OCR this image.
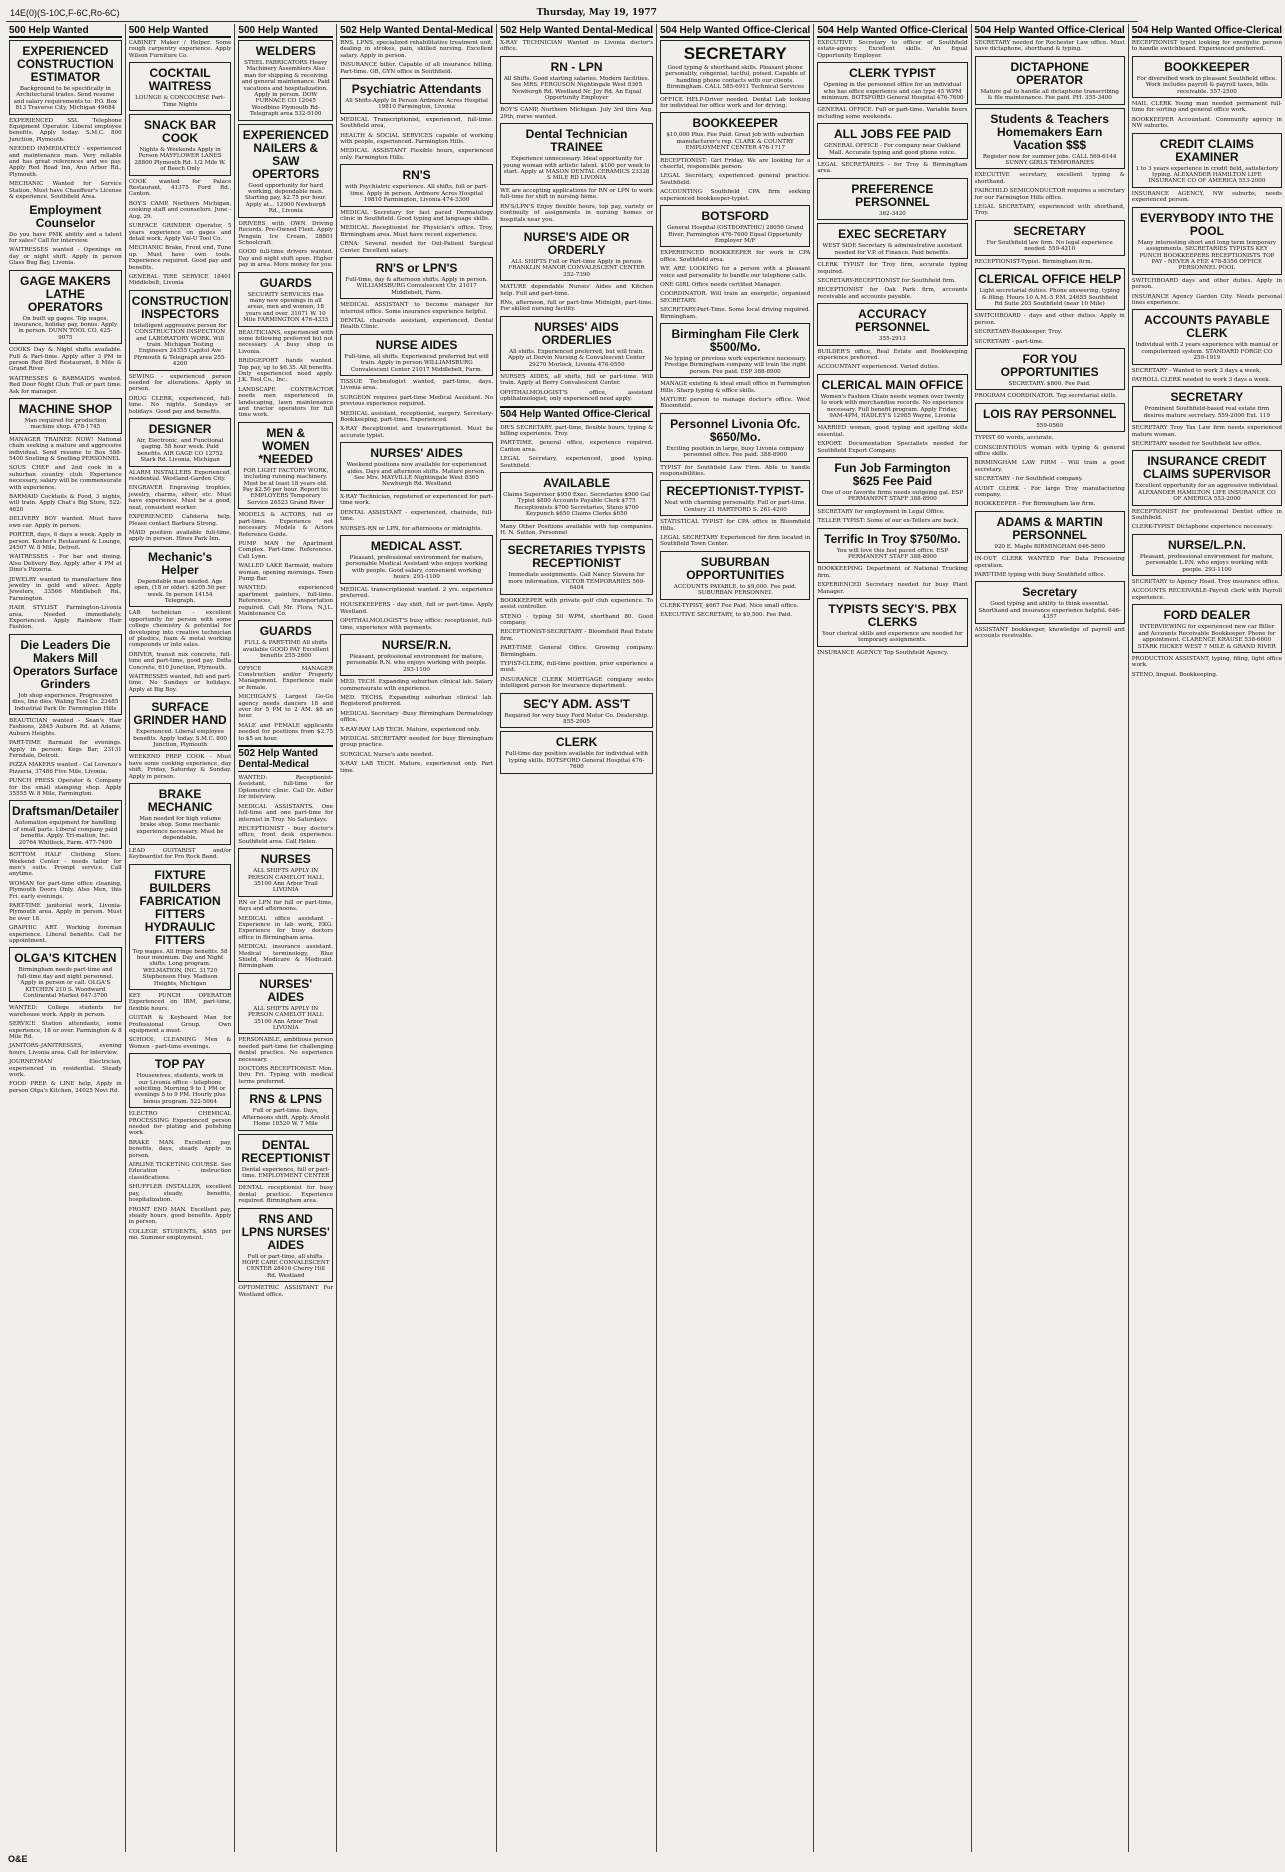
14E(0)(S-10C,F-6C,Ro-6C)	Thursday, May 19, 1977
500 Help Wanted
EXPERIENCED CONSTRUCTION ESTIMATOR
Background to be specifically in Architectural trades. Send resume and salary requirements to: P.O. Box 813 Traverse City, Michigan 49684
EXPERIENCED SSL Telephone Equipment Operator. Liberal employee benefits. Apply today: S.M.C. 800 Junction, Plymouth.
NEEDED IMMEDIATELY - experienced and maintenance man. Very reliable and has great references and we pay. Apply Red Road Inn, Ann Arbor Rd., Plymouth.
MECHANIC Wanted for Service Station. Must have Chauffeur's License & experience. Southfield Area.
Employment Counselor
Do you have PMK ability and a talent for sales? Call for interview.
WAITRESSES wanted - Openings on day or night shift. Apply in person Glass Bug Bay, Livonia.
GAGE MAKERS LATHE OPERATORS
On built up gages. Top wages, insurance, holiday pay, bonus. Apply in person. DUNN TOOL CO. 425-9075
COOKS Day & Night shifts available. Full & Part-time. Apply after 3 PM in person Red Bird Restaurant, 8 Mile & Grand River.
WAITRESSES & BARMAIDS wanted. Red Door Night Club. Full or part time. Ask for manager.
MACHINE SHOP
Man required for production machine shop. 478-1745
MANAGER TRAINEE NOW! National chain seeking a mature and aggressive individual. Send resume to Box 588-5400 Snelling & Snelling PERSONNEL
SOUS CHEF and 2nd cook in a suburban country club. Experience necessary, salary will be commensurate with experience.
BARMAID Cocktails & Food, 3 nights, will train. Apply Chat's Big Store, 522-4620
DELIVERY BOY wanted. Must have own car. Apply in person.
PORTER, days, 6 days a week. Apply in person. Kosher's Restaurant & Lounge, 24507 W. 8 Mile, Detroit.
WAITRESSES - For bar and dining. Also Delivery Boy. Apply after 4 PM at Dino's Pizzeria.
JEWELRY wanted to manufacture fine jewelry in gold and silver. Apply Jewelers, 33566 Middlebelt Rd., Farmington.
HAIR STYLIST Farmington-Livonia area. Needed immediately. Experienced. Apply Rainbow Hair Fashion.
Die Leaders Die Makers Mill Operators Surface Grinders
Job shop experience. Progressive dies, line dies. Waling Tool Co. 23485 Industrial Park Dr. Farmington Hills
BEAUTICIAN wanted - Sean's Hair Fashions, 2845 Auburn Rd. at Adams, Auburn Heights.
PART-TIME Barmaid for evenings. Apply in person: Kegs Bar, 23131 Ferndale, Detroit.
PIZZA MAKERS wanted - Cal Lorenzo's Pizzeria, 37486 Five Mile, Livonia.
PUNCH PRESS Operator & Company for the small stamping shop. Apply 35555 W. 8 Mile, Farmington.
Draftsman/Detailer
Automation equipment for handling of small parts. Liberal company paid benefits. Apply. Tri-mation, Inc. 20764 Whitlock, Farm. 477-7490
BOTTOM HALF Clothing Store. Weekend Center - needs tailor for men's suits. Prompt service. Call anytime.
WOMAN for part-time office cleaning, Plymouth Doors Only. Also Men, this Fri. early evenings.
PART-TIME janitorial work, Livonia-Plymouth area. Apply in person. Must be over 18.
GRAPHIC ART. Working foreman experience. Liberal benefits. Call for appointment.
OLGA'S KITCHEN
Birmingham needs part-time and full-time day and night personnel. Apply in person or call. OLGA'S KITCHEN 210 S. Woodward Continental Market 647-3700
WANTED: College students for warehouse work. Apply in person.
SERVICE Station attendants, some experience, 18 or over. Farmington & 8 Mile Rd.
JANITORS-JANITRESSES, evening hours, Livonia area. Call for interview.
JOURNEYMAN Electrician, experienced in residential. Steady work.
FOOD PREP. & LINE help, Apply in person Olga's Kitchen, 24025 Novi Rd.
500 Help Wanted
CABINET Maker / Helper. Some rough carpentry experience. Apply Wilson Furniture Co.
COCKTAIL WAITRESS
LOUNGE & CONCOURSE Part-Time Nights
SNACK BAR COOK
Nights & Weekends Apply in Person MAYFLOWER LANES 28800 Plymouth Rd. 1/2 Mile W. of Beech Only
COOK wanted for Palace Restaurant, 41375 Ford Rd., Canton.
BOY'S CAMP, Northern Michigan, cooking staff and counselors. June - Aug. 29.
SURFACE GRINDER Operator, 5 years experience on gages and detail work. Apply Val-U Tool Co.
MECHANIC Brake, Front end, Tune up. Must have own tools. Experience required. Good pay and benefits.
GENERAL TIRE SERVICE 18401 Middlebelt, Livonia
CONSTRUCTION INSPECTORS
Intelligent aggressive person for CONSTRUCTION INSPECTION and LABORATORY WORK. Will train. Michigan Testing Engineers 24355 Capitol Ave Plymouth & Telegraph area 255-4200
SEWING - experienced person needed for alterations. Apply in person.
DRUG CLERK, experienced, full-time. No nights. Sundays or holidays. Good pay and benefits.
DESIGNER
Air, Electronic, and Functional gaging. 58 hour week. Paid benefits. AIR GAGE CO 12752 Stark Rd. Livonia, Michigan
ALARM INSTALLERS Experienced, residential. Westland-Garden City.
ENGRAVER Engraving trophies, jewelry, charms, silver, etc. Must have experience. Must be a good, neat, consistent worker.
EXPERIENCED Cafeteria help. Please contact Barbara Strong.
MAID position available full-time, apply in person. Hines Park Inn.
Mechanic's Helper
Dependable man needed. Age open, (18 or older). $205.50 per week. In person 14154 Telegraph.
LAB technician - excellent opportunity for person with some college chemistry & potential for developing into creative technician of plastics, foam & metal working compounds or into sales.
DRIVER, transit mix concrete, full-time and part-time, good pay. Delta Concrete, 610 Junction, Plymouth.
WAITRESSES wanted, full and part-time. No Sundays or holidays. Apply at Big Boy.
SURFACE GRINDER HAND
Experienced. Liberal employee benefits. Apply today. S.M.C. 800 Junction, Plymouth
WEEKEND PREP COOK - Must have some cooking experience, day shift, Friday, Saturday & Sunday. Apply in person.
BRAKE MECHANIC
Man needed for high volume brake shop. Some mechanic experience necessary. Must be dependable.
LEAD GUITARIST and/or Keyboardist for Pro Rock Band.
FIXTURE BUILDERS FABRICATION FITTERS HYDRAULIC FITTERS
Top wages. All fringe benefits. 58 hour minimum. Day and Night shifts. Long program. WELMATION, INC. 31720 Stephenson Hwy. Madison Heights, Michigan
KEY PUNCH OPERATOR Experienced on IBM, part-time, flexible hours.
GUITAR & Keyboard Man for Professional Group. Own equipment a must.
SCHOOL CLEANING Men & Women - part-time evenings.
TOP PAY
Housewives, students, work in our Livonia office - telephone soliciting. Morning 9 to 1 PM or evenings 5 to 9 PM. Hourly plus bonus program. 522-5064
ELECTRO CHEMICAL PROCESSING Experienced person needed for plating and polishing work.
BRAKE MAN. Excellent pay, benefits, days, steady. Apply in person.
AIRLINE TICKETING COURSE. See Education - instruction classifications.
SHUFFLER INSTALLER, excellent pay, steady, benefits, hospitalization.
FRONT END MAN. Excellent pay, steady hours, good benefits. Apply in person.
COLLEGE STUDENTS, $585 per mo. Summer employment.
500 Help Wanted
WELDERS
STEEL FABRICATORS Heavy Machinery Assemblers Also man for shipping & receiving and general maintenance. Paid vacations and hospitalization. Apply in person. DOW FURNACE CO 12045 Woodbine Plymouth Rd-Telegraph area 532-9100
EXPERIENCED NAILERS & SAW OPERTORS
Good opportunity for hard working, dependable men. Starting pay, $2.75 per hour. Apply at... 12900 Newburgh Rd., Livonia
DRIVERS with OWN Driving Records. Pre-Owned Fleet. Apply Penguin Ice Cream, 28801 Schoolcraft.
GOOD full-time drivers wanted. Day and night shift open. Higher pay in area. More money for you.
GUARDS
SECURITY SERVICES Has many new openings in all areas, men and women, 18 years and over. 31071 W. 10 Mile FARMINGTON 476-4335
BEAUTICIANS, experienced with some following preferred but not necessary. A busy shop in Livonia.
BRIDGEPORT hands wanted. Top pay, up to $6.35. All benefits. Only experienced need apply. J.K. Tool Co., Inc.
LANDSCAPE CONTRACTOR needs men experienced in landscaping, lawn maintenance and tractor operators for full time work.
MEN & WOMEN *NEEDED
FOR LIGHT FACTORY WORK, including running machinery. Must be at least 18 years old. Pay $2.50 per hour. Report to: EMPLOYERS Temporary Service 26523 Grand River
MODELS & ACTORS, full or part-time. Experience not necessary. Models & Actors Reference Guide.
PUMP MAN for Apartment Complex. Part-time. References. Call Lynn.
WALLED LAKE Barmaid, mature woman, opening mornings. Town Pump Bar.
WANTED: experienced apartment painters, full-time. References, transportation required. Call Mr. Flora, N.J.L. Maintenance Co.
GUARDS
FULL & PART-TIME All shifts available GOOD PAY Excellent benefits 255-2600
OFFICE MANAGER Construction and/or Property Management. Experience male or female.
MICHIGAN'S Largest Go-Go agency needs dancers 18 and over for 5 PM to 2 AM. $8 an hour.
MALE and FEMALE applicants needed for positions from $2.75 to $5 an hour.
502 Help Wanted Dental-Medical
WANTED: Receptionist-Assistant, full-time for Optometric clinic. Call Dr. Adler for interview.
MEDICAL ASSISTANTS. One full-time and one part-time for internist in Troy. No Saturdays.
RECEPTIONIST - busy doctor's office, front desk experience. Southfield area. Call Helen.
NURSES
ALL SHIFTS APPLY IN PERSON CAMELOT HALL 35100 Ann Arbor Trail LIVONIA
RN or LPN for full or part-time, days and afternoons.
MEDICAL office assistant - Experience in lab work, EKG. Experience for busy doctors office in Birmingham area.
MEDICAL insurance assistant. Medical terminology, Blue Shield, Medicare & Medicaid. Birmingham
NURSES' AIDES
ALL SHIFTS APPLY IN PERSON CAMELOT HALL 35100 Ann Arbor Trail LIVONIA
PERSONABLE, ambitious person needed part-time for challenging dental practice. No experience necessary.
DOCTORS RECEPTIONIST. Mon. thru Fri. Typing with medical terms preferred.
RNS & LPNS
Full or part-time. Days, Afternoons shift. Apply. Arnold Home 18520 W. 7 Mile
DENTAL RECEPTIONIST
Dental experience, full or part-time. EMPLOYMENT CENTER
DENTAL receptionist for busy dental practice. Experience required. Birmingham area.
RNS AND LPNS NURSES' AIDES
Full or part-time, all shifts. HOPE CARE CONVALESCENT CENTER 28416 Cherry Hill Rd. Westland
OPTOMETRIC ASSISTANT For Westland office.
502 Help Wanted Dental-Medical
RNS, LPNS, specialized rehabilitative treatment unit, dealing in strokes, pain, skilled nursing. Excellent salary. Apply in person.
INSURANCE biller. Capable of all insurance billing. Part-time. OB, GYN office in Southfield.
Psychiatric Attendants
All Shifts-Apply In Person Ardmore Acres Hospital 19810 Farmington, Livonia
MEDICAL Transcriptionist, experienced, full-time. Southfield area.
HEALTH & SOCIAL SERVICES capable of working with people, experienced. Farmington Hills.
MEDICAL ASSISTANT Flexible hours, experienced only. Farmington Hills.
RN'S
with Psychiatric experience. All shifts, full or part-time. Apply in person. Ardmore Acres Hospital 19810 Farmington, Livonia 474-3300
MEDICAL Secretary for fast paced Dermatology clinic in Southfield. Good typing and language skills.
MEDICAL Receptionist for Physician's office. Troy, Birmingham area. Must have recent experience.
CRNA: Several needed for Out-Patient Surgical Center. Excellent salary.
RN'S or LPN'S
Full-time, day & afternoon shifts. Apply in person. WILLIAMSBURG Convalescent Ctr. 21017 Middlebelt, Farm.
MEDICAL ASSISTANT to become manager for internist office. Some insurance experience helpful.
DENTAL chairside assistant, experienced, Dental Health Clinic.
NURSE AIDES
Full-time, all shifts. Experienced preferred but will train. Apply in person WILLIAMSBURG Convalescent Center 21017 Middlebelt, Farm.
TISSUE Technologist wanted, part-time, days. Livonia area.
SURGEON requires part-time Medical Assistant. No previous experience required.
MEDICAL assistant, receptionist, surgery. Secretary-Bookkeeping, part-time. Experienced.
X-RAY Receptionist and transcriptionist. Must be accurate typist.
NURSES' AIDES
Weekend positions now available for experienced aides. Days and afternoon shifts. Mature person. See Mrs. MAYVILLE Nightingale West 8365 Newburgh Rd. Westland
X-RAY Technician, registered or experienced for part-time work.
DENTAL ASSISTANT - experienced, chairside, full-time.
NURSES-RN or LPN, for afternoons or midnights.
MEDICAL ASST.
Pleasant, professional environment for mature, personable Medical Assistant who enjoys working with people. Good salary, convenient working hours. 293-1100
MEDICAL transcriptionist wanted. 2 yrs. experience preferred.
HOUSEKEEPERS - day shift, full or part-time. Apply Westland.
OPHTHALMOLOGIST'S busy office: receptionist, full-time, experience with payments.
NURSE/R.N.
Pleasant, professional environment for mature, personable R.N. who enjoys working with people. 293-1100
MED. TECH. Expanding suburban clinical lab. Salary commensurate with experience.
MED. TECHS. Expanding suburban clinical lab. Registered preferred.
MEDICAL Secretary -Busy Birmingham Dermatology office.
X-RAY-RAY LAB TECH. Mature, experienced only.
MEDICAL SECRETARY needed for busy Birmingham group practice.
SURGICAL Nurse's aide needed.
X-RAY LAB TECH. Mature, experienced only. Part time.
502 Help Wanted Dental-Medical
X-RAY TECHNICIAN Wanted in Livonia doctor's office.
RN - LPN
All Shifts. Good starting salaries. Modern facilities. See MRS. FERGUSON Nightingale West 8365 Newburgh Rd. Westland Nr. Joy Rd. An Equal Opportunity Employer
BOY'S CAMP, Northern Michigan. July 3rd thru Aug. 29th, nurse wanted.
Dental Technician TRAINEE
Experience unnecessary. Ideal opportunity for young woman with artistic talent. $100 per week to start. Apply at MASON DENTAL CERAMICS 23328 S MILE RD LIVONIA
WE are accepting applications for RN or LPN to work full-time for shift in nursing home.
RN'S/LPN'S Enjoy flexible hours, top pay, variety or continuity of assignments in nursing homes or hospitals near you.
NURSE'S AIDE OR ORDERLY
ALL SHIFTS Full or Part-time Apply in person FRANKLIN MANOR CONVALESCENT CENTER 352-7390
MATURE dependable Nurses' Aides and Kitchen help. Full and part-time.
RNs, afternoon, full or part-time Midnight, part-time. For skilled nursing facility.
NURSES' AIDS ORDERLIES
All shifts. Experienced preferred, but will train. Apply at Dorvin Nursing & Convalescent Center 29270 Morlock, Livonia 476-0550
NURSES AIDES, all shifts, full or part-time. Will train. Apply at Berry Convalescent Center.
OPHTHALMOLOGIST'S office, assistant ophthalmologist; only experienced need apply.
504 Help Wanted Office-Clerical
DR'S SECRETARY, part-time, flexible hours, typing & billing experience. Troy.
PART-TIME, general office, experience required. Canton area.
LEGAL Secretary, experienced, good typing. Southfield.
AVAILABLE
Claims Supervisor $950 Exec. Secretaries $900 Gal Typist $880 Accounts Payable Clerk $775 Receptionists $700 Secretaries, Steno $700 Keypunch $650 Claims Clerks $650
Many Other Positions available with top companies. H. N. Sutton, Personnel
SECRETARIES TYPISTS RECEPTIONIST
Immediate assignments. Call Nancy Stevens for more information. VICTOR TEMPORARIES 569-6404
BOOKKEEPER with private golf club experience. To assist controller.
STENO - typing 50 WPM, shorthand 80. Good company.
RECEPTIONIST-SECRETARY - Bloomfield Real Estate firm.
PART-TIME General Office. Growing company. Birmingham.
TYPIST-CLERK, full-time position, prior experience a must.
INSURANCE CLERK MORTGAGE company seeks intelligent person for insurance department.
SEC'Y ADM. ASS'T
Required for very busy Ford Motor Co. Dealership. 855-2005
CLERK
Full-time day position available for individual with typing skills. BOTSFORD General Hospital 476-7600
504 Help Wanted Office-Clerical
SECRETARY
Good typing & shorthand skills. Pleasant phone personality, congenial, tactful, poised. Capable of handling phone contacts with our clients. Birmingham. CALL 585-6911 Technical Services
OFFICE HELP-Driver needed. Dental Lab looking for individual for office work and for driving.
BOOKKEEPER
$10,000 Plus. Fee Paid. Great job with suburban manufacturer's rep. CLARK & COUNTRY EMPLOYMENT CENTER 476-1717
RECEPTIONIST: Girl Friday. We are looking for a cheerful, responsible person.
LEGAL Secretary, experienced general practice. Southfield.
ACCOUNTING Southfield CPA firm seeking experienced bookkeeper-typist.
BOTSFORD
General Hospital (OSTEOPATHIC) 28050 Grand River, Farmington 476-7600 Equal Opportunity Employer M/F
EXPERIENCED BOOKKEEPER for work in CPA office. Southfield area.
WE ARE LOOKING for a person with a pleasant voice and personality to handle our telephone calls.
ONE GIRL Office needs certified Manager.
COORDINATOR. Will train an energetic, organized SECRETARY.
SECRETARY-Part-Time. Some local driving required. Birmingham.
Birmingham File Clerk $500/Mo.
No typing or previous work experience necessary. Prestige Birmingham company will train the right person. Fee paid. ESP 388-8900
MANAGE existing & ideal small office in Farmington Hills. Sharp typing & office skills.
MATURE person to manage doctor's office. West Bloomfield.
Personnel Livonia Ofc. $650/Mo.
Exciting position in large, busy Livonia company personnel office. Fee paid. 388-8900
TYPIST for Southfield Law Firm. Able to handle responsibilities.
RECEPTIONIST-TYPIST-
Neat with charming personality. Full or part-time. Century 21 HARTFORD S. 261-4200
STATISTICAL TYPIST for CPA office in Bloomfield Hills.
LEGAL SECRETARY Experienced for firm located in Southfield Town Center.
SUBURBAN OPPORTUNITIES
ACCOUNTS PAYABLE, to $9,000. Fee paid. SUBURBAN PERSONNEL
CLERK-TYPIST, $667 Fee Paid. Nice small office.
EXECUTIVE SECRETARY, to $9,500. Fee Paid.
504 Help Wanted Office-Clerical
EXECUTIVE Secretary to officer of Southfield estate-agency. Excellent skills. An Equal Opportunity Employer.
CLERK TYPIST
Opening in the personnel office for an individual who has office experience and can type 45 WPM minimum. BOTSFORD General Hospital 476-7600
GENERAL OFFICE. Full or part-time. Variable hours including some weekends.
ALL JOBS FEE PAID
GENERAL OFFICE - For company near Oakland Mall. Accurate typing and good phone voice.
LEGAL SECRETARIES - for Troy & Birmingham area.
PREFERENCE PERSONNEL
362-3420
EXEC SECRETARY
WEST SIDE Secretary & administrative assistant needed for V.P. of Finance. Paid benefits.
CLERK TYPIST for Troy firm, accurate typing required.
SECRETARY-RECEPTIONIST for Southfield firm.
RECEPTIONIST for Oak Park firm, accounts receivable and accounts payable.
ACCURACY PERSONNEL
355-2913
BUILDER'S office, Real Estate and Bookkeeping experience preferred.
ACCOUNTANT experienced. Varied duties.
CLERICAL MAIN OFFICE
Women's Fashion Chain needs women over twenty to work with merchandise records. No experience necessary. Full benefit program. Apply Friday, 9AM-4PM, HADLEY'S 12985 Wayne, Livonia
MARRIED woman, good typing and spelling skills essential.
EXPORT. Documentation Specialists needed for Southfield Export Company.
Fun Job Farmington $625 Fee Paid
One of our favorite firms needs outgoing gal. ESP PERMANENT STAFF 388-8900
SECRETARY for employment in Legal Office.
TELLER TYPIST: Some of our ex-Tellers are back.
Terrific In Troy $750/Mo.
You will love this fast paced office. ESP PERMANENT STAFF 388-8900
BOOKKEEPING Department of National Trucking firm.
EXPERIENCED Secretary needed for busy Plant Manager.
TYPISTS SECY'S. PBX CLERKS
Your clerical skills and experience are needed for temporary assignments.
INSURANCE AGENCY Top Southfield Agency.
504 Help Wanted Office-Clerical
SECRETARY needed for Rochester Law office. Must have dictaphone, shorthand & typing.
DICTAPHONE OPERATOR
Mature gal to handle all dictaphone transcribing & file maintenance. Fee paid. PH. 355-3400
Students & Teachers Homemakers Earn Vacation $$$
Register now for summer jobs. CALL 569-6144 SUNNY GIRLS TEMPORARIES
EXECUTIVE secretary, excellent typing & shorthand.
FAIRCHILD SEMICONDUCTOR requires a secretary for our Farmington Hills office.
LEGAL SECRETARY, experienced with shorthand, Troy.
SECRETARY
For Southfield law firm. No legal experience needed. 559-4210
RECEPTIONIST-Typist. Birmingham firm.
CLERICAL OFFICE HELP
Light secretarial duties. Phone answering, typing & filing. Hours 10 A.M.-5 P.M. 24655 Southfield Rd Suite 203 Southfield (near 10 Mile)
SWITCHBOARD - days and other duties. Apply in person.
SECRETARY-Bookkeeper. Troy.
SECRETARY - part-time.
FOR YOU OPPORTUNITIES
SECRETARY. $800. Fee Paid.
PROGRAM COORDINATOR. Top secretarial skills.
LOIS RAY PERSONNEL
559-0560
TYPIST 60 words, accurate.
CONSCIENTIOUS woman with typing & general office skills.
BIRMINGHAM LAW FIRM - Will train a good secretary.
SECRETARY - for Southfield company.
AUDIT CLERK - For large Troy manufacturing company.
BOOKKEEPER - For Birmingham law firm.
ADAMS & MARTIN PERSONNEL
920 E. Maple BIRMINGHAM 646-5600
IN-OUT CLERK WANTED For Data Processing operation.
PART-TIME typing with busy Southfield office.
Secretary
Good typing and ability to think essential. Shorthand and insurance experience helpful. 646-4357
ASSISTANT bookkeeper, knowledge of payroll and accounts receivable.
504 Help Wanted Office-Clerical
RECEPTIONIST typist looking for energetic person to handle switchboard. Experienced preferred.
BOOKKEEPER
For diversified work in pleasant Southfield office. Work includes payroll & payroll taxes, bills receivable. 557-2500
MAIL CLERK Young man needed permanent full-time for sorting and general office work.
BOOKKEEPER Accountant. Community agency in NW suburbs.
CREDIT CLAIMS EXAMINER
1 to 3 years experience in credit field, satisfactory typing. ALEXANDER HAMILTON LIFE INSURANCE CO OF AMERICA 553-2000
INSURANCE AGENCY, NW suburbs, needs experienced person.
EVERYBODY INTO THE POOL
Many interesting short and long term temporary assignments. SECRETARIES TYPISTS KEY PUNCH BOOKKEEPERS RECEPTIONISTS TOP PAY - NEVER A FEE 478-8350 OFFICE PERSONNEL POOL
SWITCHBOARD days and other duties. Apply in person.
INSURANCE Agency Garden City. Needs personal lines experience.
ACCOUNTS PAYABLE CLERK
Individual with 2 years experience with manual or computerized system. STANDARD FORGE CO 259-1919
SECRETARY - Wanted to work 3 days a week.
PAYROLL CLERK needed to work 3 days a week.
SECRETARY
Prominent Southfield-based real estate firm desires mature secretary. 559-2000 Ext. 119
SECRETARY Troy Tax Law firm needs experienced mature woman.
SECRETARY needed for Southfield law office.
INSURANCE CREDIT CLAIMS SUPERVISOR
Excellent opportunity for an aggressive individual. ALEXANDER HAMILTON LIFE INSURANCE CO OF AMERICA 553-2000
RECEPTIONIST for professional Dentist office in Southfield.
CLERK-TYPIST Dictaphone experience necessary.
NURSE/L.P.N.
Pleasant, professional environment for mature, personable L.P.N. who enjoys working with people. 293-1100
SECRETARY to Agency Head. Troy insurance office.
ACCOUNTS RECEIVABLE-Payroll clerk with Payroll experience.
FORD DEALER
INTERVIEWING for experienced new car Biller and Accounts Receivable Bookkeeper. Phone for appointment. CLARENCE KRAUSE 538-6600 STARK HICKEY WEST 7 MILE & GRAND RIVER
PRODUCTION ASSISTANT, typing, filing, light office work.
STENO, lingual. Bookkeeping.
O&E
